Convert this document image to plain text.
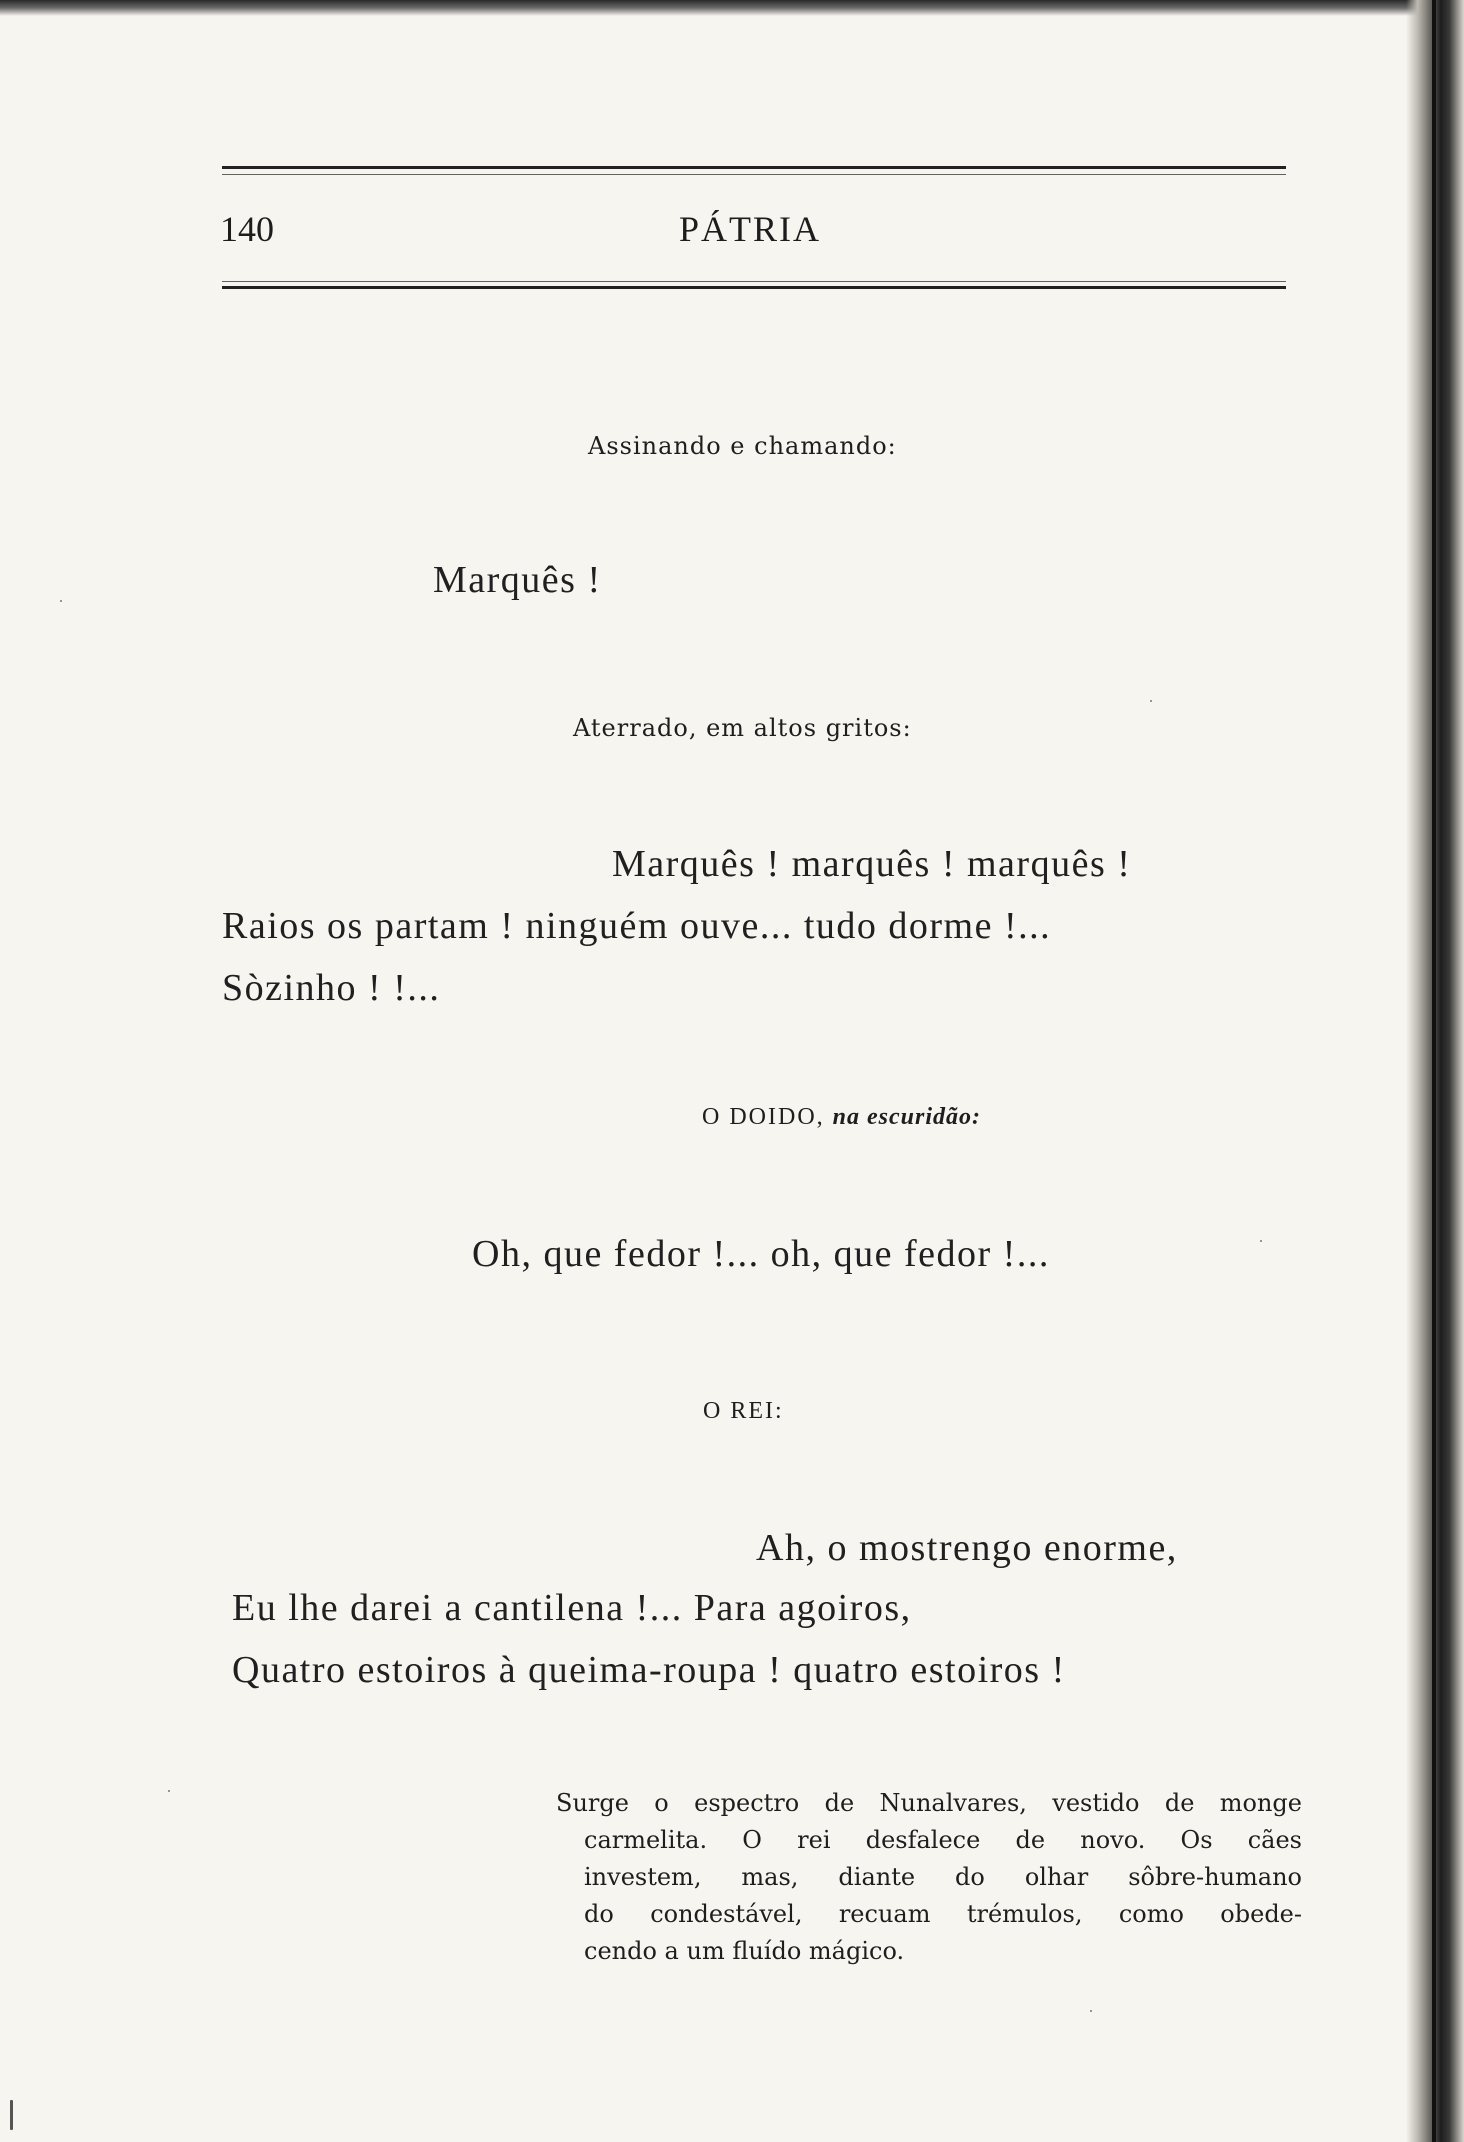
140	PÁTRIA
Assinando e chamando:
Marquês !
Aterrado, em altos gritos:
Marquês ! marquês ! marquês !
Raios os partam ! ninguém ouve... tudo dorme !...
Sòzinho ! !...
O DOIDO, na escuridão:
Oh, que fedor !... oh, que fedor !...
O REI:
Ah, o mostrengo enorme,
Eu lhe darei a cantilena !... Para agoiros,
Quatro estoiros à queima-roupa ! quatro estoiros !
Surge o espectro de Nunalvares, vestido de monge
carmelita. O rei desfalece de novo. Os cães
investem, mas, diante do olhar sôbre-humano
do condestável, recuam trémulos, como obede-
cendo a um fluído mágico.
